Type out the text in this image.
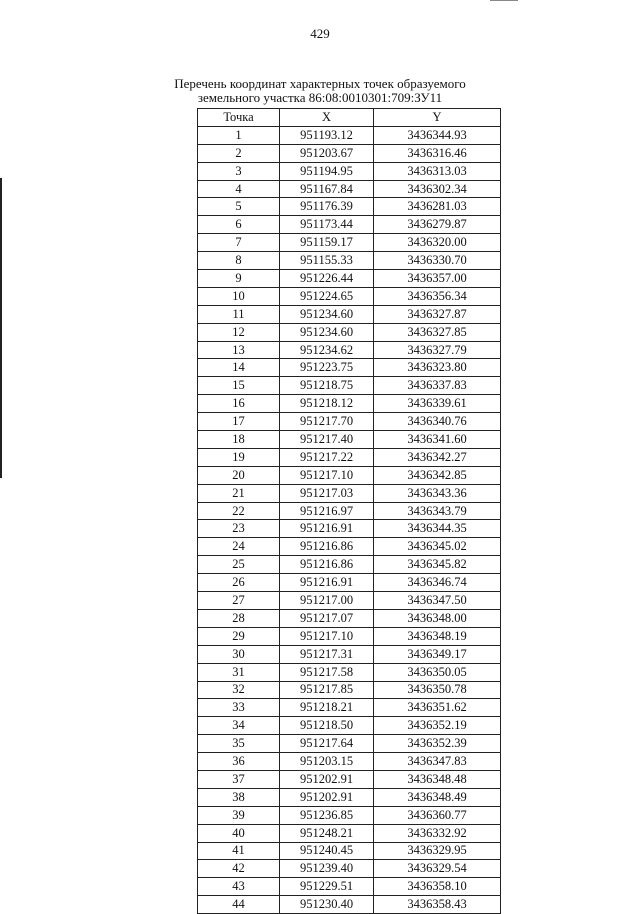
429
Перечень координат характерных точек образуемого
земельного участка 86:08:0010301:709:ЗУ11
Точка	X	Y
1	951193.12	3436344.93
2	951203.67	3436316.46
3	951194.95	3436313.03
4	951167.84	3436302.34
5	951176.39	3436281.03
6	951173.44	3436279.87
7	951159.17	3436320.00
8	951155.33	3436330.70
9	951226.44	3436357.00
10	951224.65	3436356.34
11	951234.60	3436327.87
12	951234.60	3436327.85
13	951234.62	3436327.79
14	951223.75	3436323.80
15	951218.75	3436337.83
16	951218.12	3436339.61
17	951217.70	3436340.76
18	951217.40	3436341.60
19	951217.22	3436342.27
20	951217.10	3436342.85
21	951217.03	3436343.36
22	951216.97	3436343.79
23	951216.91	3436344.35
24	951216.86	3436345.02
25	951216.86	3436345.82
26	951216.91	3436346.74
27	951217.00	3436347.50
28	951217.07	3436348.00
29	951217.10	3436348.19
30	951217.31	3436349.17
31	951217.58	3436350.05
32	951217.85	3436350.78
33	951218.21	3436351.62
34	951218.50	3436352.19
35	951217.64	3436352.39
36	951203.15	3436347.83
37	951202.91	3436348.48
38	951202.91	3436348.49
39	951236.85	3436360.77
40	951248.21	3436332.92
41	951240.45	3436329.95
42	951239.40	3436329.54
43	951229.51	3436358.10
44	951230.40	3436358.43
